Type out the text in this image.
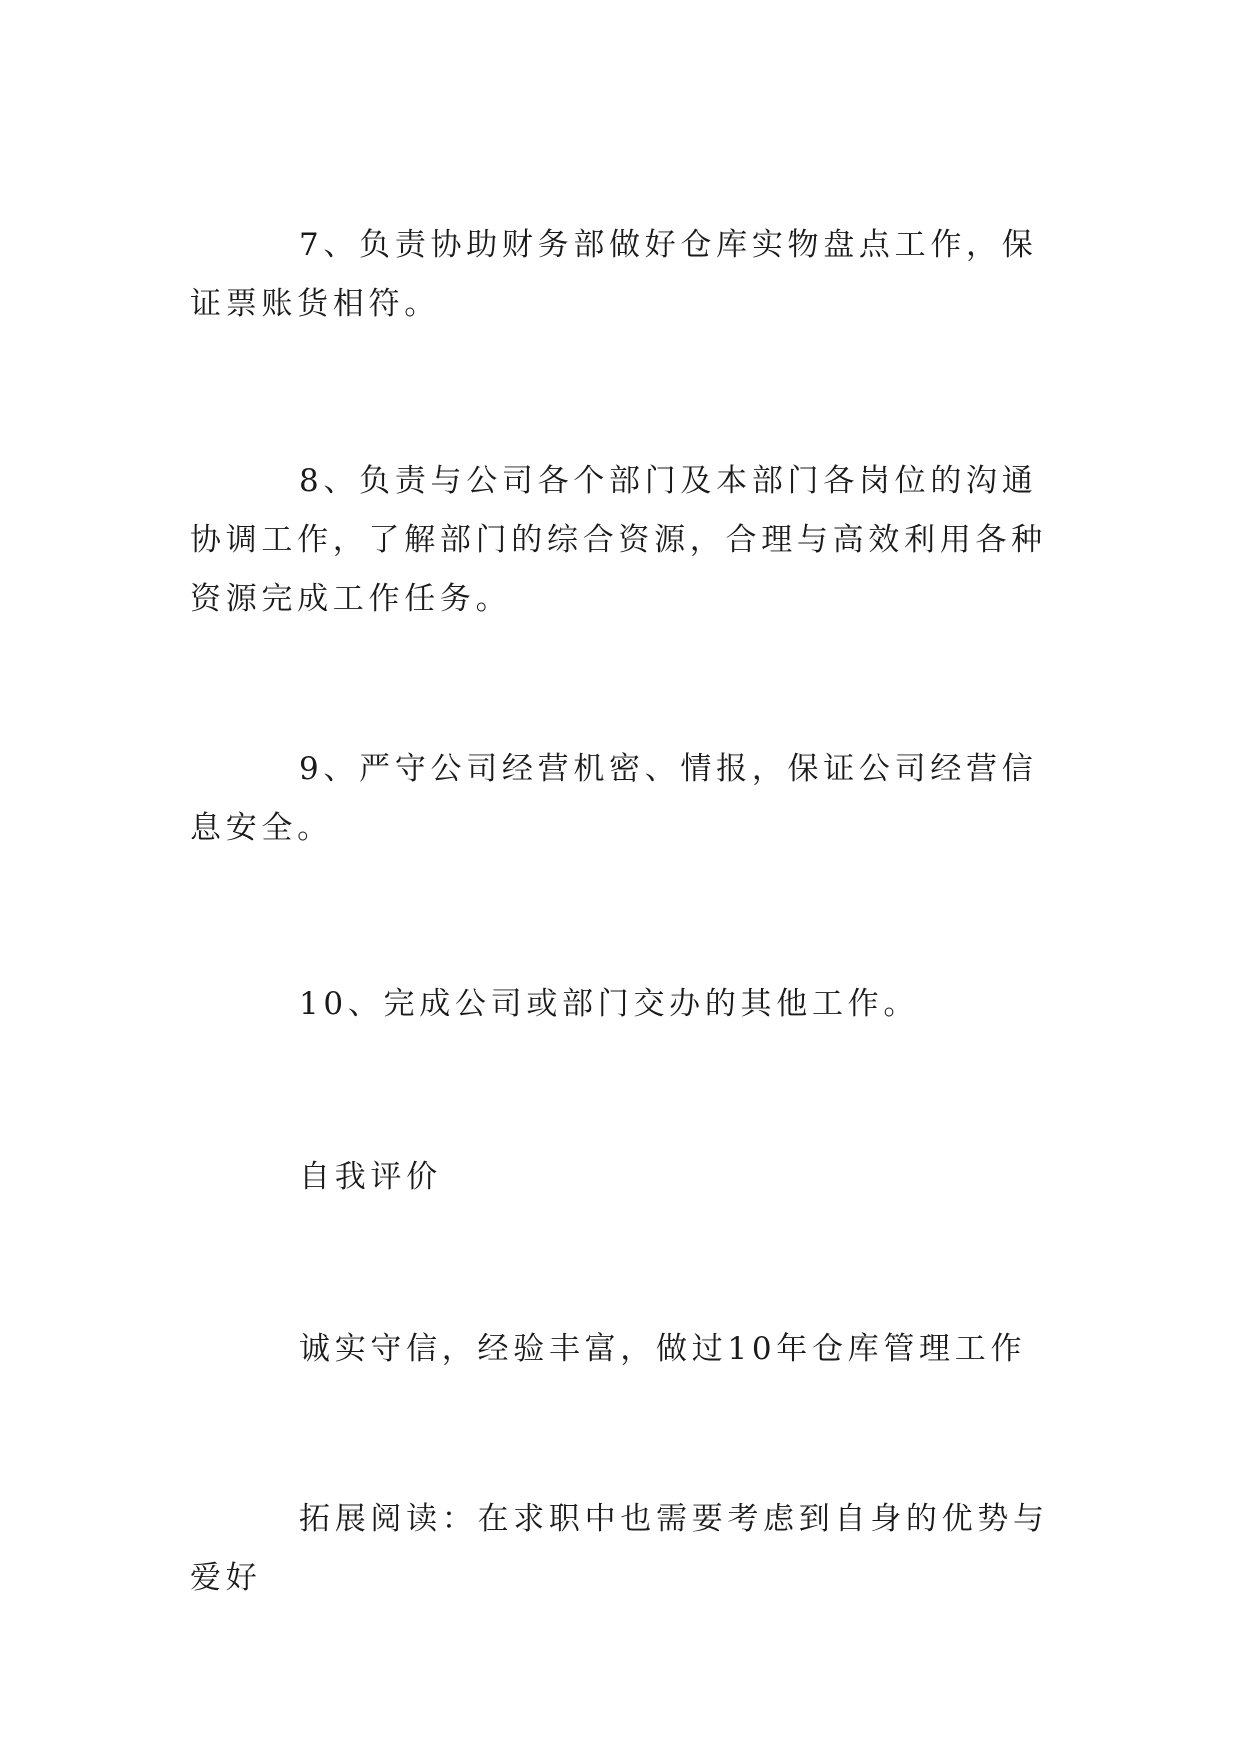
7、负责协助财务部做好仓库实物盘点工作，保证票账货相符。

8、负责与公司各个部门及本部门各岗位的沟通协调工作，了解部门的综合资源，合理与高效利用各种资源完成工作任务。

9、严守公司经营机密、情报，保证公司经营信息安全。

10、完成公司或部门交办的其他工作。

自我评价

诚实守信，经验丰富，做过10年仓库管理工作

拓展阅读：在求职中也需要考虑到自身的优势与爱好
